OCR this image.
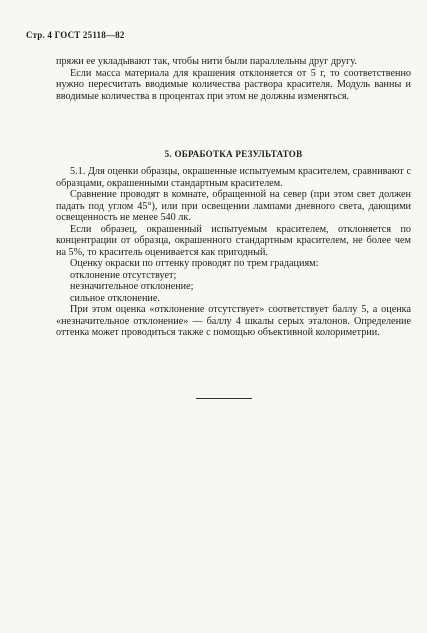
Стр. 4 ГОСТ 25118—82

пряжи ее укладывают так, чтобы нити были параллельны друг другу.

Если масса материала для крашения отклоняется от 5 г, то соответственно нужно пересчитать вводимые количества раствора красителя. Модуль ванны и вводимые количества в процентах при этом не должны изменяться.

5. ОБРАБОТКА РЕЗУЛЬТАТОВ

5.1. Для оценки образцы, окрашенные испытуемым красителем, сравнивают с образцами, окрашенными стандартным красителем.

Сравнение проводят в комнате, обращенной на север (при этом свет должен падать под углом 45°), или при освещении лампами дневного света, дающими освещенность не менее 540 лк.

Если образец, окрашенный испытуемым красителем, отклоняется по концентрации от образца, окрашенного стандартным красителем, не более чем на 5%, то краситель оценивается как пригодный.

Оценку окраски по оттенку проводят по трем градациям:

отклонение отсутствует;

незначительное отклонение;

сильное отклонение.

При этом оценка «отклонение отсутствует» соответствует баллу 5, а оценка «незначительное отклонение» — баллу 4 шкалы серых эталонов. Определение оттенка может проводиться также с помощью объективной колориметрии.
